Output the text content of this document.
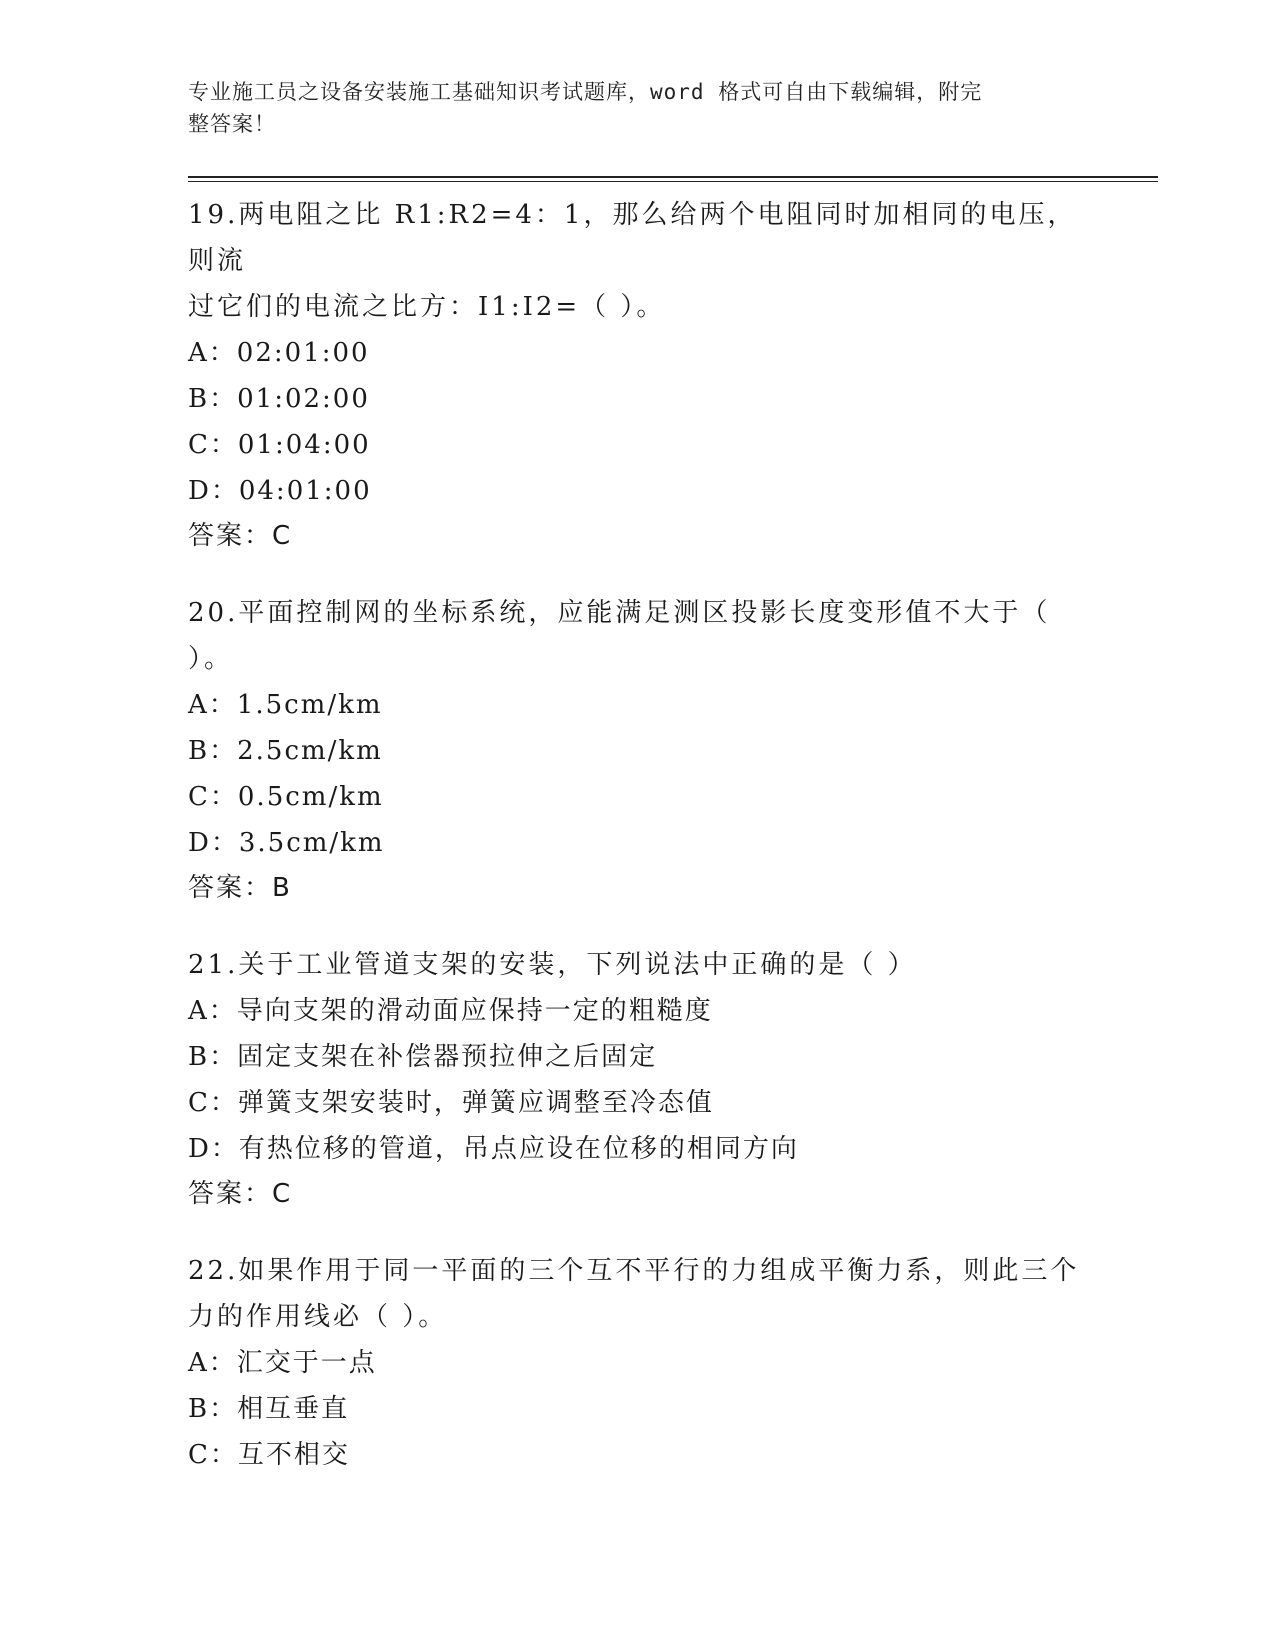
专业施工员之设备安装施工基础知识考试题库，word 格式可自由下载编辑，附完
整答案！

19.两电阻之比 R1:R2=4：1，那么给两个电阻同时加相同的电压，则流
过它们的电流之比方：I1:I2=（ ）。

A：02:01:00

B：01:02:00

C：01:04:00

D：04:01:00

答案：C

20.平面控制网的坐标系统，应能满足测区投影长度变形值不大于（
）。

A：1.5cm/km

B：2.5cm/km

C：0.5cm/km

D：3.5cm/km

答案：B

21.关于工业管道支架的安装，下列说法中正确的是（ ）

A：导向支架的滑动面应保持一定的粗糙度

B：固定支架在补偿器预拉伸之后固定

C：弹簧支架安装时，弹簧应调整至冷态值

D：有热位移的管道，吊点应设在位移的相同方向

答案：C

22.如果作用于同一平面的三个互不平行的力组成平衡力系，则此三个
力的作用线必（ ）。

A：汇交于一点

B：相互垂直

C：互不相交
